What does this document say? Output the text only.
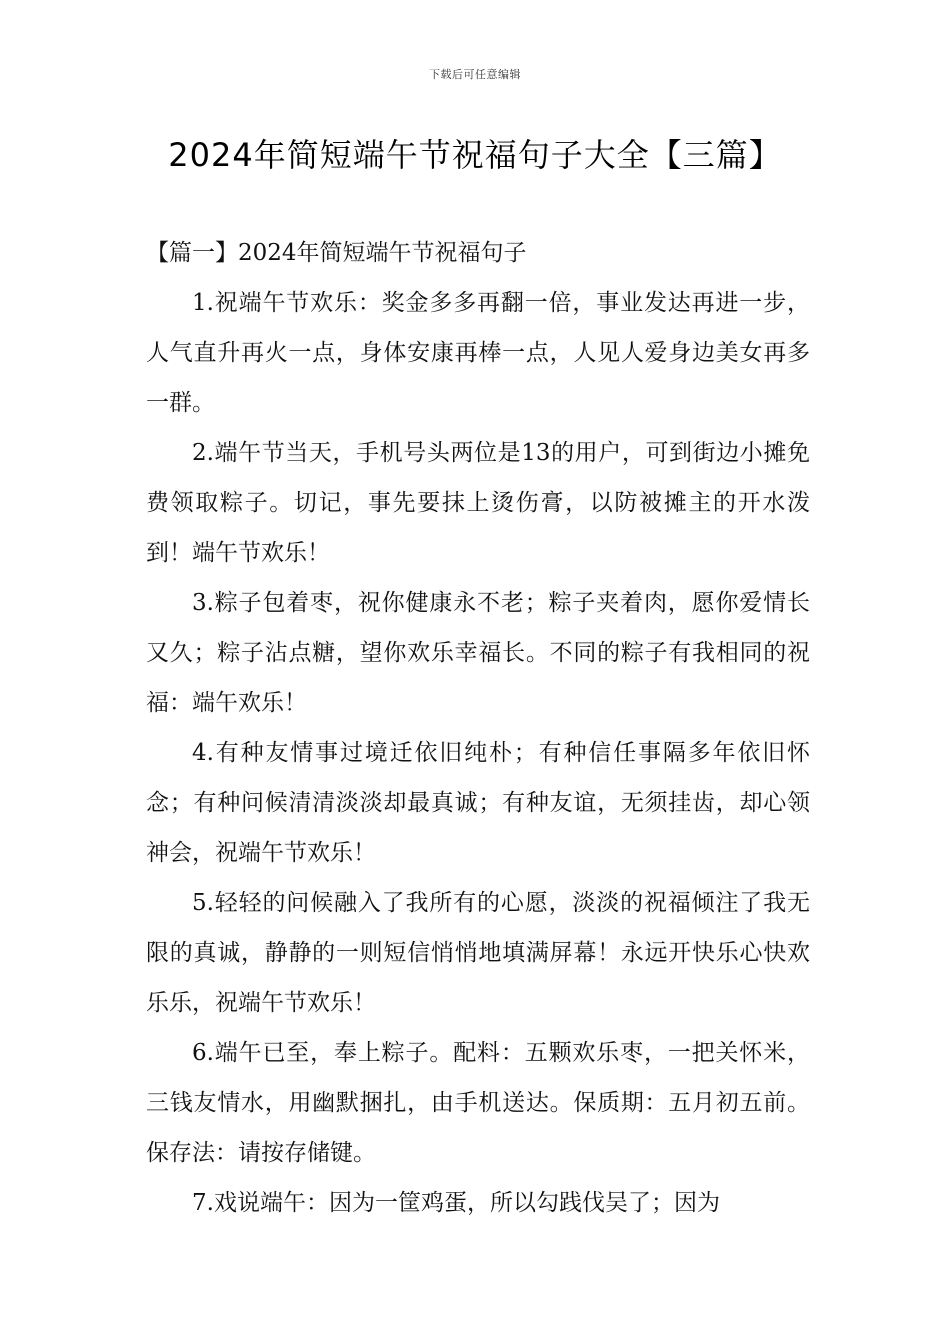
下载后可任意编辑
2024年简短端午节祝福句子大全【三篇】

【篇一】2024年简短端午节祝福句子

1.祝端午节欢乐：奖金多多再翻一倍，事业发达再进一步，人气直升再火一点，身体安康再棒一点，人见人爱身边美女再多一群。

2.端午节当天，手机号头两位是13的用户，可到街边小摊免费领取粽子。切记，事先要抹上烫伤膏，以防被摊主的开水泼到！端午节欢乐！

3.粽子包着枣，祝你健康永不老；粽子夹着肉，愿你爱情长又久；粽子沾点糖，望你欢乐幸福长。不同的粽子有我相同的祝福：端午欢乐！

4.有种友情事过境迁依旧纯朴；有种信任事隔多年依旧怀念；有种问候清清淡淡却最真诚；有种友谊，无须挂齿，却心领神会，祝端午节欢乐！

5.轻轻的问候融入了我所有的心愿，淡淡的祝福倾注了我无限的真诚，静静的一则短信悄悄地填满屏幕！永远开快乐心快欢乐乐，祝端午节欢乐！

6.端午已至，奉上粽子。配料：五颗欢乐枣，一把关怀米，三钱友情水，用幽默捆扎，由手机送达。保质期：五月初五前。保存法：请按存储键。

7.戏说端午：因为一筐鸡蛋，所以勾践伐吴了；因为
